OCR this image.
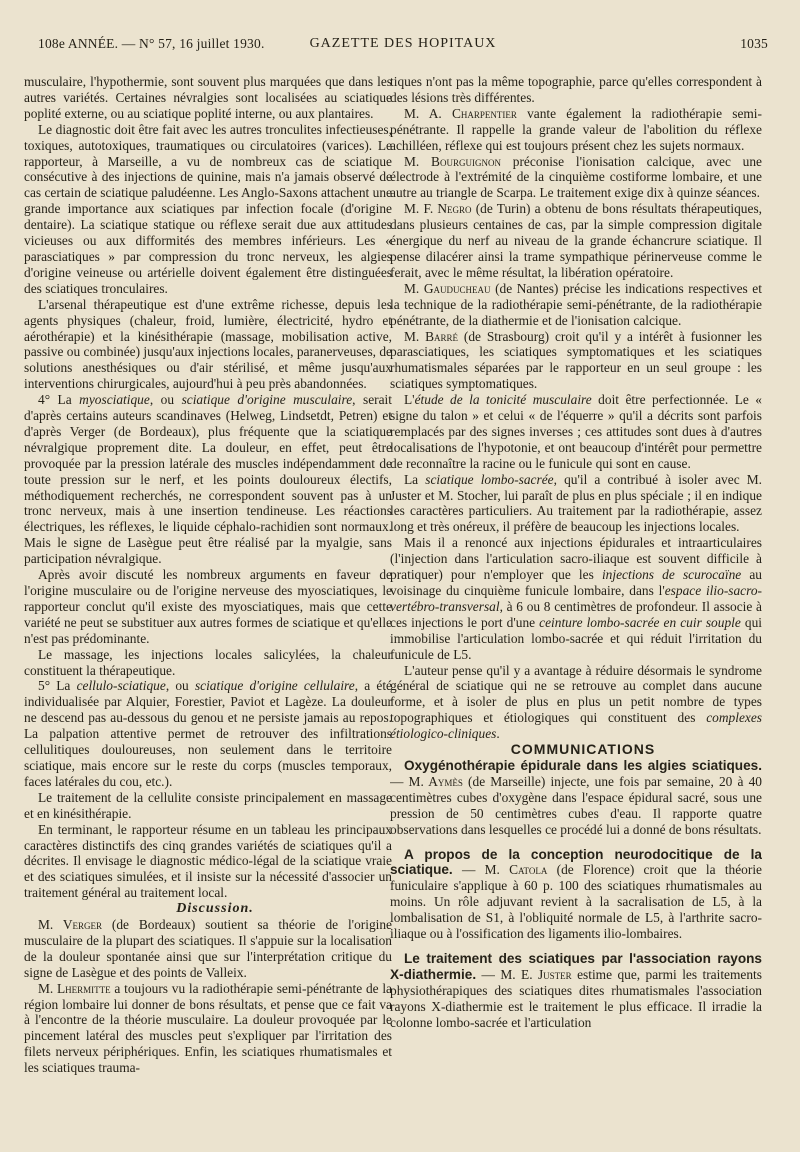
108e ANNÉE. — N° 57, 16 juillet 1930.	GAZETTE DES HOPITAUX	1035

musculaire, l'hypothermie, sont souvent plus marquées que dans les autres variétés. Certaines névralgies sont localisées au sciatique poplité externe, ou au sciatique poplité interne, ou aux plantaires.

Le diagnostic doit être fait avec les autres tronculites infectieuses, toxiques, autotoxiques, traumatiques ou circulatoires (varices). Le rapporteur, à Marseille, a vu de nombreux cas de sciatique consécutive à des injections de quinine, mais n'a jamais observé de cas certain de sciatique paludéenne. Les Anglo-Saxons attachent une grande importance aux sciatiques par infection focale (d'origine dentaire). La sciatique statique ou réflexe serait due aux attitudes vicieuses ou aux difformités des membres inférieurs. Les « parasciatiques » par compression du tronc nerveux, les algies d'origine veineuse ou artérielle doivent également être distinguées des sciatiques tronculaires.

L'arsenal thérapeutique est d'une extrême richesse, depuis les agents physiques (chaleur, froid, lumière, électricité, hydro et aérothérapie) et la kinésithérapie (massage, mobilisation active, passive ou combinée) jusqu'aux injections locales, paranerveuses, de solutions anesthésiques ou d'air stérilisé, et même jusqu'aux interventions chirurgicales, aujourd'hui à peu près abandonnées.

4° La myosciatique, ou sciatique d'origine musculaire, serait d'après certains auteurs scandinaves (Helweg, Lindsetdt, Petren) et d'après Verger (de Bordeaux), plus fréquente que la sciatique névralgique proprement dite. La douleur, en effet, peut être provoquée par la pression latérale des muscles indépendamment de toute pression sur le nerf, et les points douloureux électifs, méthodiquement recherchés, ne correspondent souvent pas à un tronc nerveux, mais à une insertion tendineuse. Les réactions électriques, les réflexes, le liquide céphalo-rachidien sont normaux. Mais le signe de Lasègue peut être réalisé par la myalgie, sans participation névralgique.

Après avoir discuté les nombreux arguments en faveur de l'origine musculaire ou de l'origine nerveuse des myosciatiques, le rapporteur conclut qu'il existe des myosciatiques, mais que cette variété ne peut se substituer aux autres formes de sciatique et qu'elle n'est pas prédominante.

Le massage, les injections locales salicylées, la chaleur constituent la thérapeutique.

5° La cellulo-sciatique, ou sciatique d'origine cellulaire, a été individualisée par Alquier, Forestier, Paviot et Lagèze. La douleur ne descend pas au-dessous du genou et ne persiste jamais au repos. La palpation attentive permet de retrouver des infiltrations cellulitiques douloureuses, non seulement dans le territoire sciatique, mais encore sur le reste du corps (muscles temporaux, faces latérales du cou, etc.).

Le traitement de la cellulite consiste principalement en massage et en kinésithérapie.

En terminant, le rapporteur résume en un tableau les principaux caractères distinctifs des cinq grandes variétés de sciatiques qu'il a décrites. Il envisage le diagnostic médico-légal de la sciatique vraie et des sciatiques simulées, et il insiste sur la nécessité d'associer un traitement général au traitement local.

Discussion.

M. Verger (de Bordeaux) soutient sa théorie de l'origine musculaire de la plupart des sciatiques. Il s'appuie sur la localisation de la douleur spontanée ainsi que sur l'interprétation critique du signe de Lasègue et des points de Valleix.

M. Lhermitte a toujours vu la radiothérapie semi-pénétrante de la région lombaire lui donner de bons résultats, et pense que ce fait va à l'encontre de la théorie musculaire. La douleur provoquée par le pincement latéral des muscles peut s'expliquer par l'irritation des filets nerveux périphériques. Enfin, les sciatiques rhumatismales et les sciatiques trauma-

tiques n'ont pas la même topographie, parce qu'elles correspondent à des lésions très différentes.

M. A. Charpentier vante également la radiothérapie semi-pénétrante. Il rappelle la grande valeur de l'abolition du réflexe achilléen, réflexe qui est toujours présent chez les sujets normaux.

M. Bourguignon préconise l'ionisation calcique, avec une électrode à l'extrémité de la cinquième costiforme lombaire, et une autre au triangle de Scarpa. Le traitement exige dix à quinze séances.

M. F. Negro (de Turin) a obtenu de bons résultats thérapeutiques, dans plusieurs centaines de cas, par la simple compression digitale énergique du nerf au niveau de la grande échancrure sciatique. Il pense dilacérer ainsi la trame sympathique périnerveuse comme le ferait, avec le même résultat, la libération opératoire.

M. Gauducheau (de Nantes) précise les indications respectives et la technique de la radiothérapie semi-pénétrante, de la radiothérapie pénétrante, de la diathermie et de l'ionisation calcique.

M. Barré (de Strasbourg) croit qu'il y a intérêt à fusionner les parasciatiques, les sciatiques symptomatiques et les sciatiques rhumatismales séparées par le rapporteur en un seul groupe : les sciatiques symptomatiques.

L'étude de la tonicité musculaire doit être perfectionnée. Le « signe du talon » et celui « de l'équerre » qu'il a décrits sont parfois remplacés par des signes inverses ; ces attitudes sont dues à d'autres localisations de l'hypotonie, et ont beaucoup d'intérêt pour permettre de reconnaître la racine ou le funicule qui sont en cause.

La sciatique lombo-sacrée, qu'il a contribué à isoler avec M. Juster et M. Stocher, lui paraît de plus en plus spéciale ; il en indique les caractères particuliers. Au traitement par la radiothérapie, assez long et très onéreux, il préfère de beaucoup les injections locales.

Mais il a renoncé aux injections épidurales et intraarticulaires (l'injection dans l'articulation sacro-iliaque est souvent difficile à pratiquer) pour n'employer que les injections de scurocaïne au voisinage du cinquième funicule lombaire, dans l'espace ilio-sacro-vertébro-transversal, à 6 ou 8 centimètres de profondeur. Il associe à ces injections le port d'une ceinture lombo-sacrée en cuir souple qui immobilise l'articulation lombo-sacrée et qui réduit l'irritation du funicule de L5.

L'auteur pense qu'il y a avantage à réduire désormais le syndrome général de sciatique qui ne se retrouve au complet dans aucune forme, et à isoler de plus en plus un petit nombre de types topographiques et étiologiques qui constituent des complexes étiologico-cliniques.

COMMUNICATIONS

Oxygénothérapie épidurale dans les algies sciatiques. — M. Aymès (de Marseille) injecte, une fois par semaine, 20 à 40 centimètres cubes d'oxygène dans l'espace épidural sacré, sous une pression de 50 centimètres cubes d'eau. Il rapporte quatre observations dans lesquelles ce procédé lui a donné de bons résultats.

A propos de la conception neurodocitique de la sciatique. — M. Catola (de Florence) croit que la théorie funiculaire s'applique à 60 p. 100 des sciatiques rhumatismales au moins. Un rôle adjuvant revient à la sacralisation de L5, à la lombalisation de S1, à l'obliquité normale de L5, à l'arthrite sacro-iliaque ou à l'ossification des ligaments ilio-lombaires.

Le traitement des sciatiques par l'association rayons X-diathermie. — M. E. Juster estime que, parmi les traitements physiothérapiques des sciatiques dites rhumatismales l'association rayons X-diathermie est le traitement le plus efficace. Il irradie la colonne lombo-sacrée et l'articulation
